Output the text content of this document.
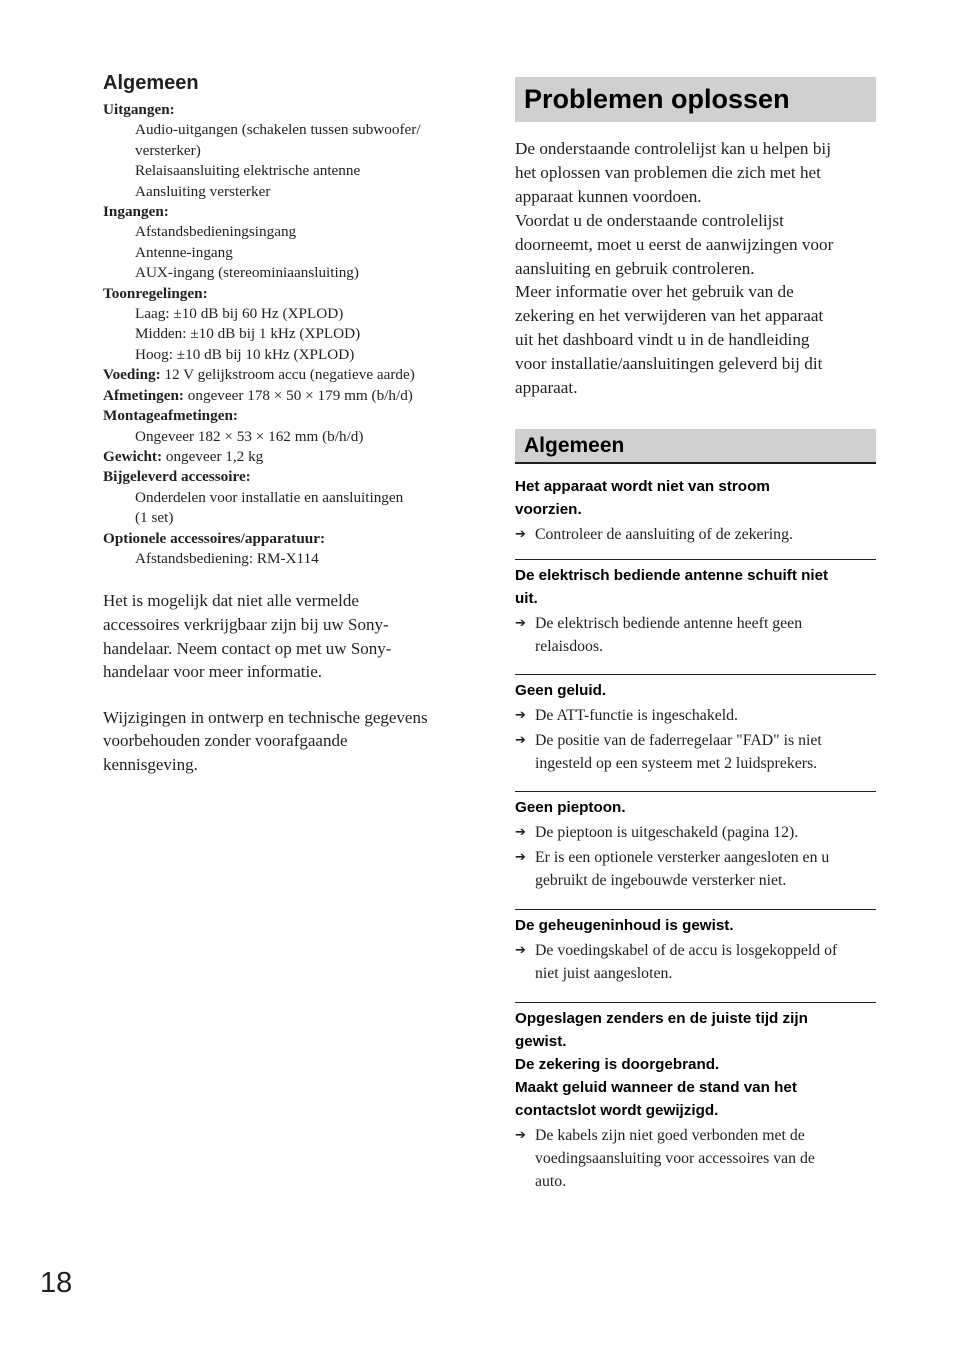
Algemeen
Uitgangen:
Audio-uitgangen (schakelen tussen subwoofer/
versterker)
Relaisaansluiting elektrische antenne
Aansluiting versterker
Ingangen:
Afstandsbedieningsingang
Antenne-ingang
AUX-ingang (stereominiaansluiting)
Toonregelingen:
Laag: ±10 dB bij 60 Hz (XPLOD)
Midden: ±10 dB bij 1 kHz (XPLOD)
Hoog: ±10 dB bij 10 kHz (XPLOD)
Voeding: 12 V gelijkstroom accu (negatieve aarde)
Afmetingen: ongeveer 178 × 50 × 179 mm (b/h/d)
Montageafmetingen:
Ongeveer 182 × 53 × 162 mm (b/h/d)
Gewicht: ongeveer 1,2 kg
Bijgeleverd accessoire:
Onderdelen voor installatie en aansluitingen
(1 set)
Optionele accessoires/apparatuur:
Afstandsbediening: RM-X114

Het is mogelijk dat niet alle vermelde
accessoires verkrijgbaar zijn bij uw Sony-
handelaar. Neem contact op met uw Sony-
handelaar voor meer informatie.

Wijzigingen in ontwerp en technische gegevens
voorbehouden zonder voorafgaande
kennisgeving.

Problemen oplossen

De onderstaande controlelijst kan u helpen bij
het oplossen van problemen die zich met het
apparaat kunnen voordoen.
Voordat u de onderstaande controlelijst
doorneemt, moet u eerst de aanwijzingen voor
aansluiting en gebruik controleren.
Meer informatie over het gebruik van de
zekering en het verwijderen van het apparaat
uit het dashboard vindt u in de handleiding
voor installatie/aansluitingen geleverd bij dit
apparaat.

Algemeen
Het apparaat wordt niet van stroom
voorzien.
➔ Controleer de aansluiting of de zekering.
De elektrisch bediende antenne schuift niet
uit.
➔ De elektrisch bediende antenne heeft geen
relaisdoos.
Geen geluid.
➔ De ATT-functie is ingeschakeld.
➔ De positie van de faderregelaar "FAD" is niet
ingesteld op een systeem met 2 luidsprekers.
Geen pieptoon.
➔ De pieptoon is uitgeschakeld (pagina 12).
➔ Er is een optionele versterker aangesloten en u
gebruikt de ingebouwde versterker niet.
De geheugeninhoud is gewist.
➔ De voedingskabel of de accu is losgekoppeld of
niet juist aangesloten.
Opgeslagen zenders en de juiste tijd zijn
gewist.
De zekering is doorgebrand.
Maakt geluid wanneer de stand van het
contactslot wordt gewijzigd.
➔ De kabels zijn niet goed verbonden met de
voedingsaansluiting voor accessoires van de
auto.
18
